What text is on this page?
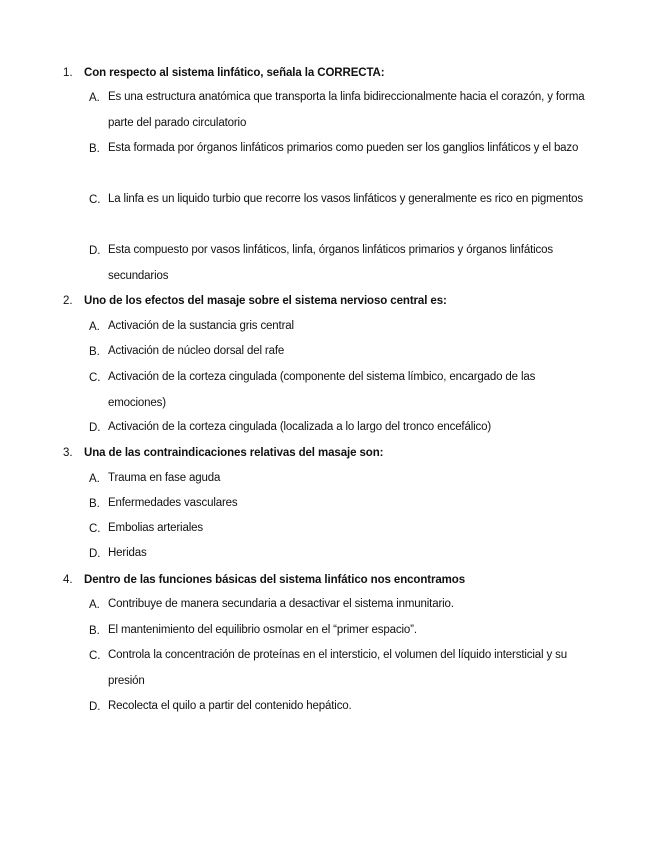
1. Con respecto al sistema linfático, señala la CORRECTA:
A. Es una estructura anatómica que transporta la linfa bidireccionalmente hacia el corazón, y forma parte del parado circulatorio
B. Esta formada por órganos linfáticos primarios como pueden ser los ganglios linfáticos y el bazo
C. La linfa es un liquido turbio que recorre los vasos linfáticos y generalmente es rico en pigmentos
D. Esta compuesto por vasos linfáticos, linfa, órganos linfáticos primarios y órganos linfáticos secundarios
2. Uno de los efectos del masaje sobre el sistema nervioso central es:
A. Activación de la sustancia gris central
B. Activación de núcleo dorsal del rafe
C. Activación de la corteza cingulada (componente del sistema límbico, encargado de las emociones)
D. Activación de la corteza cingulada (localizada a lo largo del tronco encefálico)
3. Una de las contraindicaciones relativas del masaje son:
A. Trauma en fase aguda
B. Enfermedades vasculares
C. Embolias arteriales
D. Heridas
4. Dentro de las funciones básicas del sistema linfático nos encontramos
A. Contribuye de manera secundaria a desactivar el sistema inmunitario.
B. El mantenimiento del equilibrio osmolar en el “primer espacio”.
C. Controla la concentración de proteínas en el intersticio, el volumen del líquido intersticial y su presión
D. Recolecta el quilo a partir del contenido hepático.
